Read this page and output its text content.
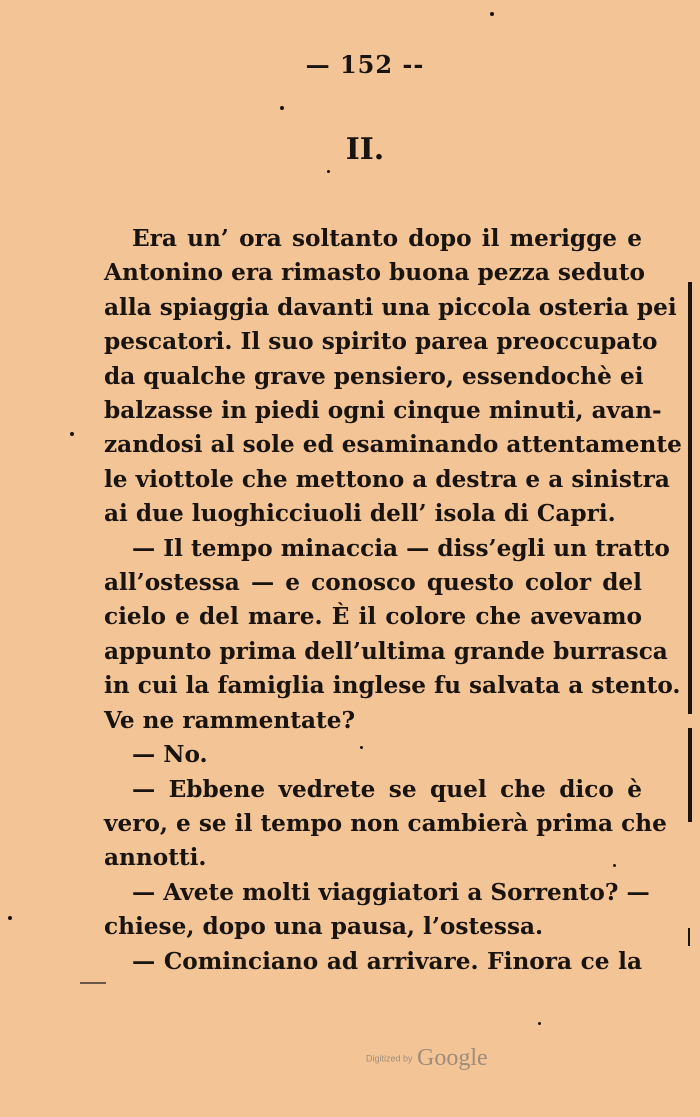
— 152 --
II.
Era un’ ora soltanto dopo il merigge e
Antonino era rimasto buona pezza seduto
alla spiaggia davanti una piccola osteria pei
pescatori. Il suo spirito parea preoccupato
da qualche grave pensiero, essendochè ei
balzasse in piedi ogni cinque minuti, avan-
zandosi al sole ed esaminando attentamente
le viottole che mettono a destra e a sinistra
ai due luoghicciuoli dell’ isola di Capri.
— Il tempo minaccia — diss’egli un tratto
all’ostessa — e conosco questo color del
cielo e del mare. È il colore che avevamo
appunto prima dell’ultima grande burrasca
in cui la famiglia inglese fu salvata a stento.
Ve ne rammentate?
— No.
— Ebbene vedrete se quel che dico è
vero, e se il tempo non cambierà prima che
annotti.
— Avete molti viaggiatori a Sorrento? —
chiese, dopo una pausa, l’ostessa.
— Cominciano ad arrivare. Finora ce la
Digitized by Google
